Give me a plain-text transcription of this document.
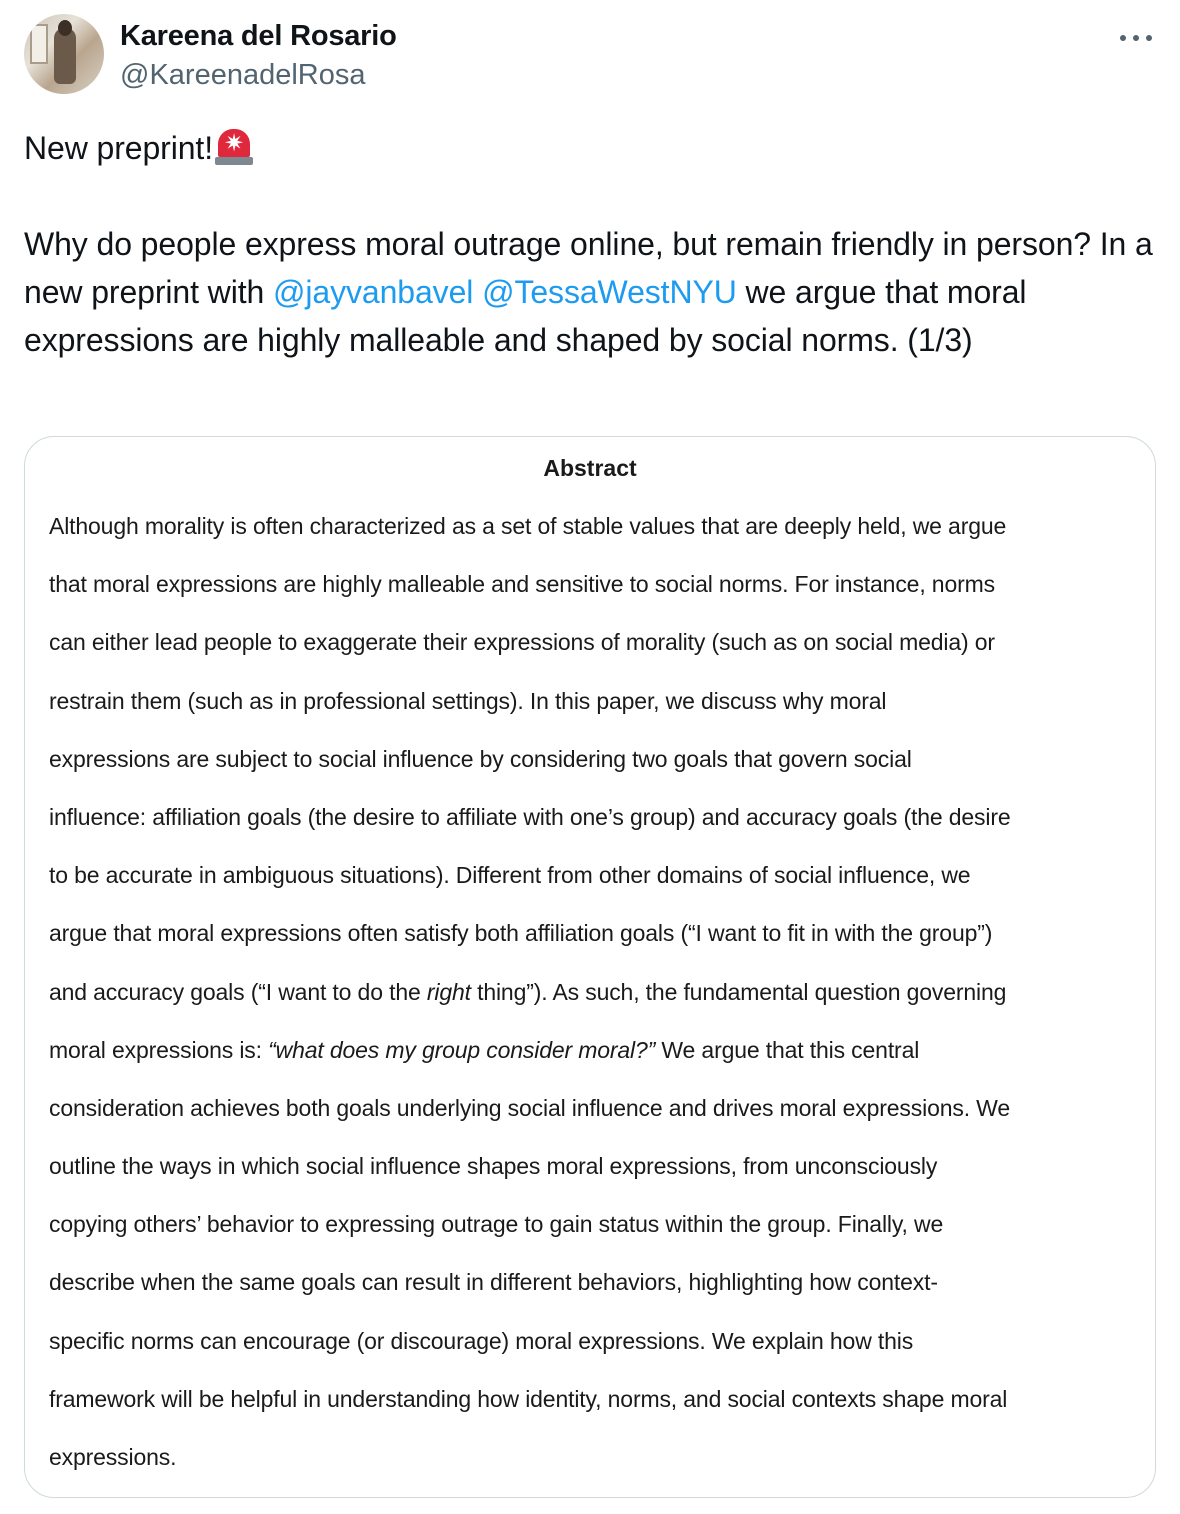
Kareena del Rosario
@KareenadelRosa

New preprint! ✷

Why do people express moral outrage online, but remain friendly in person? In a new preprint with @jayvanbavel @TessaWestNYU we argue that moral expressions are highly malleable and shaped by social norms. (1/3)

Abstract
Although morality is often characterized as a set of stable values that are deeply held, we argue
that moral expressions are highly malleable and sensitive to social norms. For instance, norms
can either lead people to exaggerate their expressions of morality (such as on social media) or
restrain them (such as in professional settings). In this paper, we discuss why moral
expressions are subject to social influence by considering two goals that govern social
influence: affiliation goals (the desire to affiliate with one’s group) and accuracy goals (the desire
to be accurate in ambiguous situations). Different from other domains of social influence, we
argue that moral expressions often satisfy both affiliation goals (“I want to fit in with the group”)
and accuracy goals (“I want to do the right thing”). As such, the fundamental question governing
moral expressions is: “what does my group consider moral?” We argue that this central
consideration achieves both goals underlying social influence and drives moral expressions. We
outline the ways in which social influence shapes moral expressions, from unconsciously
copying others’ behavior to expressing outrage to gain status within the group. Finally, we
describe when the same goals can result in different behaviors, highlighting how context-
specific norms can encourage (or discourage) moral expressions. We explain how this
framework will be helpful in understanding how identity, norms, and social contexts shape moral
expressions.
